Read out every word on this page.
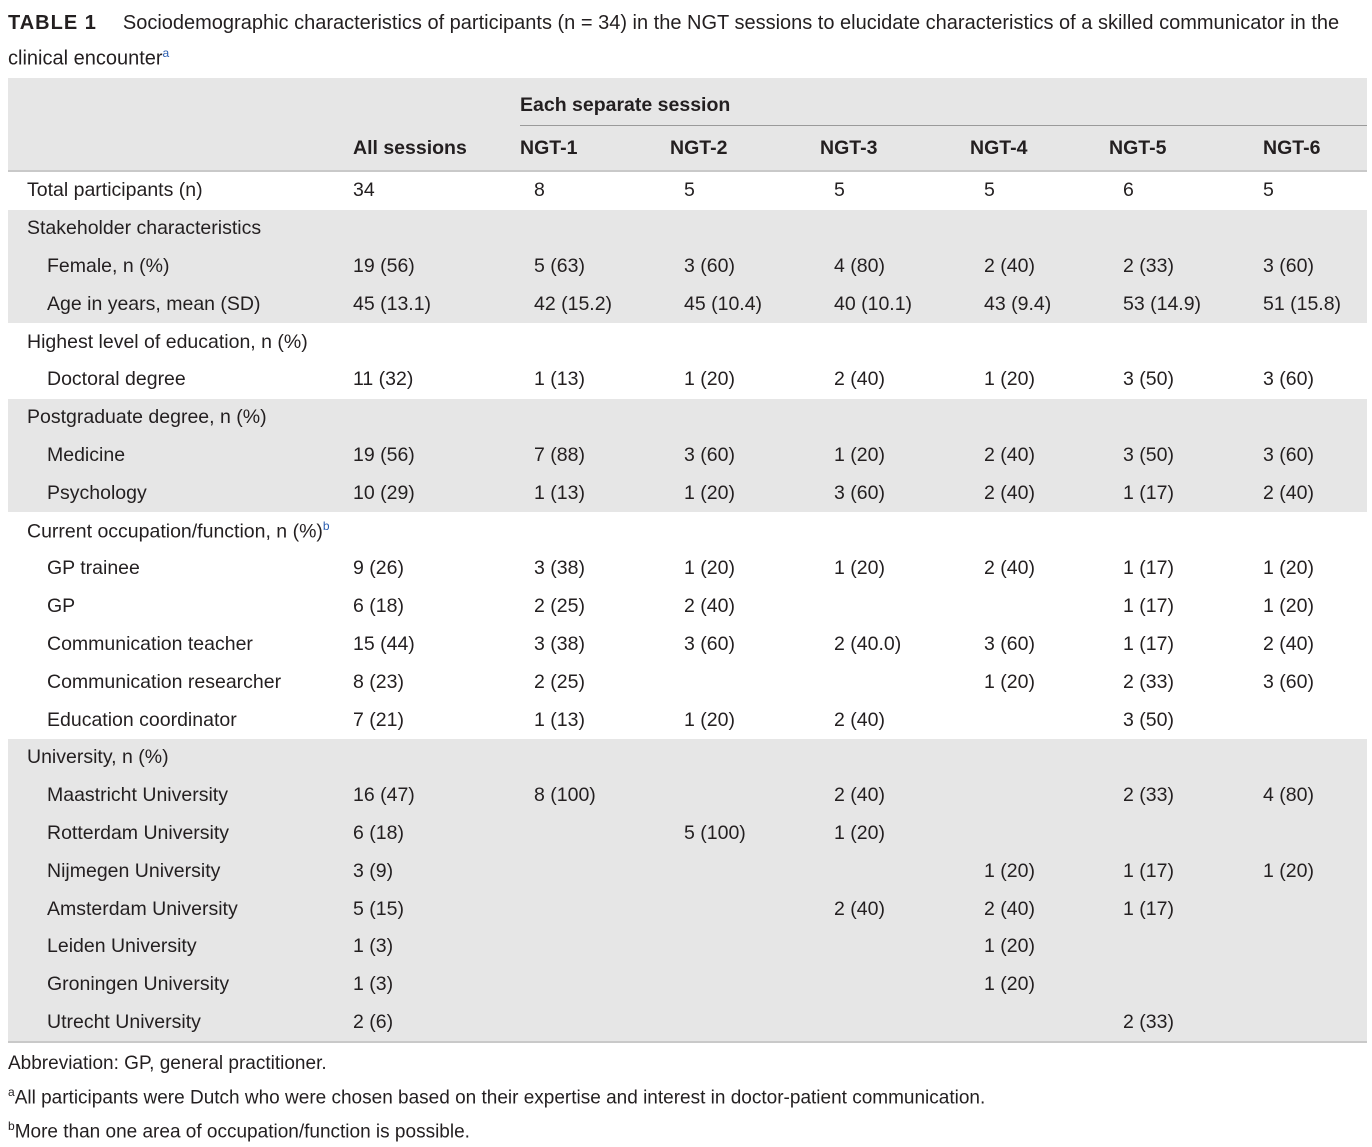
TABLE 1 Sociodemographic characteristics of participants (n = 34) in the NGT sessions to elucidate characteristics of a skilled communicator in the clinical encounter$^a$
		Each separate session					

	All sessions	NGT-1	NGT-2	NGT-3	NGT-4	NGT-5	NGT-6
Total participants (n)	34	8	5	5	5	6	5
Stakeholder characteristics							
Female, n (%)	19 (56)	5 (63)	3 (60)	4 (80)	2 (40)	2 (33)	3 (60)
Age in years, mean (SD)	45 (13.1)	42 (15.2)	45 (10.4)	40 (10.1)	43 (9.4)	53 (14.9)	51 (15.8)
Highest level of education, n (%)							
Doctoral degree	11 (32)	1 (13)	1 (20)	2 (40)	1 (20)	3 (50)	3 (60)
Postgraduate degree, n (%)							
Medicine	19 (56)	7 (88)	3 (60)	1 (20)	2 (40)	3 (50)	3 (60)
Psychology	10 (29)	1 (13)	1 (20)	3 (60)	2 (40)	1 (17)	2 (40)
Current occupation/function, n (%)$^b$							
GP trainee	9 (26)	3 (38)	1 (20)	1 (20)	2 (40)	1 (17)	1 (20)
GP	6 (18)	2 (25)	2 (40)			1 (17)	1 (20)
Communication teacher	15 (44)	3 (38)	3 (60)	2 (40.0)	3 (60)	1 (17)	2 (40)
Communication researcher	8 (23)	2 (25)			1 (20)	2 (33)	3 (60)
Education coordinator	7 (21)	1 (13)	1 (20)	2 (40)		3 (50)	
University, n (%)							
Maastricht University	16 (47)	8 (100)		2 (40)		2 (33)	4 (80)
Rotterdam University	6 (18)		5 (100)	1 (20)			
Nijmegen University	3 (9)				1 (20)	1 (17)	1 (20)
Amsterdam University	5 (15)			2 (40)	2 (40)	1 (17)	
Leiden University	1 (3)				1 (20)		
Groningen University	1 (3)				1 (20)		
Utrecht University	2 (6)					2 (33)	
Abbreviation: GP, general practitioner.
$^a$All participants were Dutch who were chosen based on their expertise and interest in doctor-patient communication.
$^b$More than one area of occupation/function is possible.
